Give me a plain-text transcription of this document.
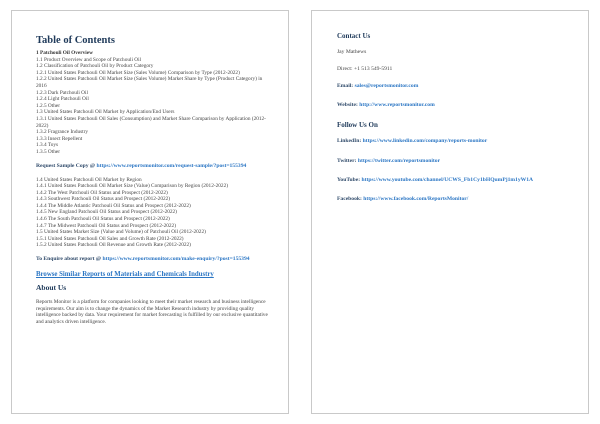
Table of Contents
1 Patchouli Oil Overview
1.1 Product Overview and Scope of Patchouli Oil
1.2 Classification of Patchouli Oil by Product Category
1.2.1 United States Patchouli Oil Market Size (Sales Volume) Comparison by Type (2012-2022)
1.2.2 United States Patchouli Oil Market Size (Sales Volume) Market Share by Type (Product Category) in 2016
1.2.3 Dark Patchouli Oil
1.2.4 Light Patchouli Oil
1.2.5 Other
1.3 United States Patchouli Oil Market by Application/End Users
1.3.1 United States Patchouli Oil Sales (Consumption) and Market Share Comparison by Application (2012-2022)
1.3.2 Fragrance Industry
1.3.3 Insect Repellent
1.3.4 Toys
1.3.5 Other
Request Sample Copy @ https://www.reportsmonitor.com/request-sample/?post=155394
1.4 United States Patchouli Oil Market by Region
1.4.1 United States Patchouli Oil Market Size (Value) Comparison by Region (2012-2022)
1.4.2 The West Patchouli Oil Status and Prospect (2012-2022)
1.4.3 Southwest Patchouli Oil Status and Prospect (2012-2022)
1.4.4 The Middle Atlantic Patchouli Oil Status and Prospect (2012-2022)
1.4.5 New England Patchouli Oil Status and Prospect (2012-2022)
1.4.6 The South Patchouli Oil Status and Prospect (2012-2022)
1.4.7 The Midwest Patchouli Oil Status and Prospect (2012-2022)
1.5 United States Market Size (Value and Volume) of Patchouli Oil (2012-2022)
1.5.1 United States Patchouli Oil Sales and Growth Rate (2012-2022)
1.5.2 United States Patchouli Oil Revenue and Growth Rate (2012-2022)
To Enquire about report @ https://www.reportsmonitor.com/make-enquiry/?post=155394
Browse Similar Reports of Materials and Chemicals Industry
About Us
Reports Monitor is a platform for companies looking to meet their market research and business intelligence requirements. Our aim is to change the dynamics of the Market Research industry by providing quality intelligence backed by data. Your requirement for market forecasting is fulfilled by our exclusive quantitative and analytics driven intelligence.
Contact Us
Jay Mathews
Direct: +1 513 549-5911
Email: sales@reportsmonitor.com
Website: http://www.reportsmonitor.com
Follow Us On
LinkedIn: https://www.linkedin.com/company/reports-monitor
Twitter: https://twitter.com/reportsmonitor
YouTube: https://www.youtube.com/channel/UCWS_Fb1Cy1bHQumPj1m1yW1A
Facebook: https://www.facebook.com/ReportsMonitor/
